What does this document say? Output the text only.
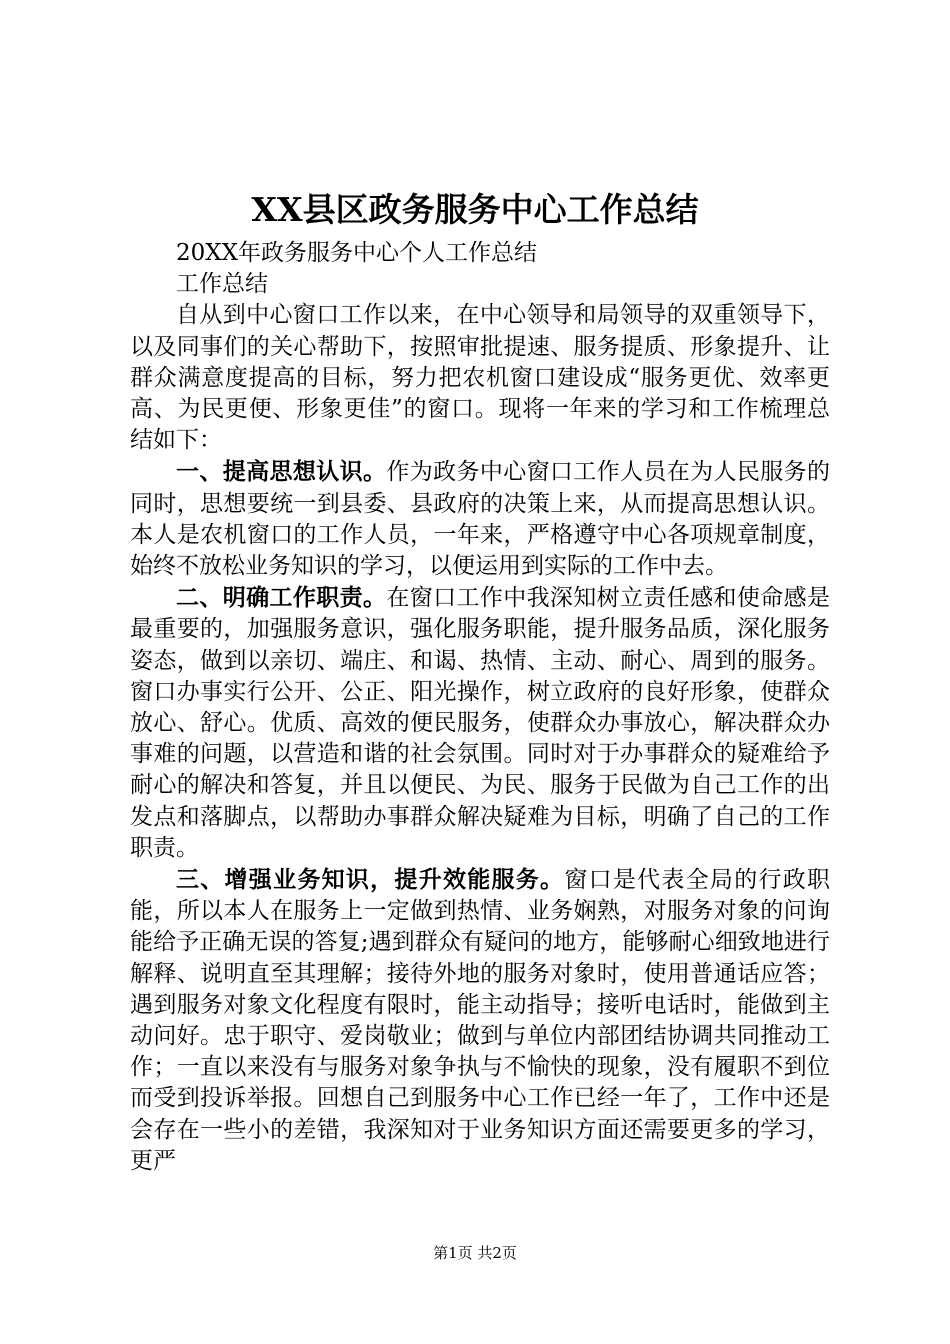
XX县区政务服务中心工作总结

20XX年政务服务中心个人工作总结

工作总结

自从到中心窗口工作以来，在中心领导和局领导的双重领导下，以及同事们的关心帮助下，按照审批提速、服务提质、形象提升、让群众满意度提高的目标，努力把农机窗口建设成“服务更优、效率更高、为民更便、形象更佳”的窗口。现将一年来的学习和工作梳理总结如下：

一、提高思想认识。作为政务中心窗口工作人员在为人民服务的同时，思想要统一到县委、县政府的决策上来，从而提高思想认识。本人是农机窗口的工作人员，一年来，严格遵守中心各项规章制度，始终不放松业务知识的学习，以便运用到实际的工作中去。

二、明确工作职责。在窗口工作中我深知树立责任感和使命感是最重要的，加强服务意识，强化服务职能，提升服务品质，深化服务姿态，做到以亲切、端庄、和谒、热情、主动、耐心、周到的服务。窗口办事实行公开、公正、阳光操作，树立政府的良好形象，使群众放心、舒心。优质、高效的便民服务，使群众办事放心，解决群众办事难的问题，以营造和谐的社会氛围。同时对于办事群众的疑难给予耐心的解决和答复，并且以便民、为民、服务于民做为自己工作的出发点和落脚点，以帮助办事群众解决疑难为目标，明确了自己的工作职责。

三、增强业务知识，提升效能服务。窗口是代表全局的行政职能，所以本人在服务上一定做到热情、业务娴熟，对服务对象的问询能给予正确无误的答复;遇到群众有疑问的地方，能够耐心细致地进行解释、说明直至其理解；接待外地的服务对象时，使用普通话应答；遇到服务对象文化程度有限时，能主动指导；接听电话时，能做到主动问好。忠于职守、爱岗敬业；做到与单位内部团结协调共同推动工作；一直以来没有与服务对象争执与不愉快的现象，没有履职不到位而受到投诉举报。回想自己到服务中心工作已经一年了，工作中还是会存在一些小的差错，我深知对于业务知识方面还需要更多的学习，更严

第1页 共2页
